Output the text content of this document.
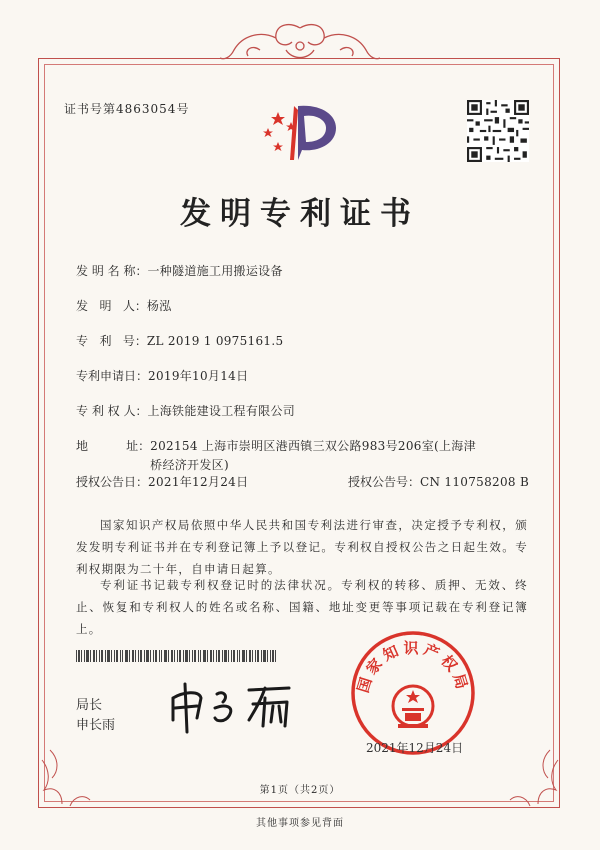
证书号第4863054号
发明专利证书
发 明 名 称： 一种隧道施工用搬运设备
发   明   人： 杨泓
专   利   号： ZL 2019 1 0975161.5
专利申请日： 2019年10月14日
专 利 权 人： 上海铁能建设工程有限公司
地          址： 202154 上海市崇明区港西镇三双公路983号206室(上海津桥经济开发区)
授权公告日： 2021年12月24日	授权公告号： CN 110758208 B
国家知识产权局依照中华人民共和国专利法进行审查，决定授予专利权，颁发发明专利证书并在专利登记簿上予以登记。专利权自授权公告之日起生效。专利权期限为二十年，自申请日起算。
专利证书记载专利权登记时的法律状况。专利权的转移、质押、无效、终止、恢复和专利权人的姓名或名称、国籍、地址变更等事项记载在专利登记簿上。
局长
申长雨
国家知识产权局
2021年12月24日
第1页（共2页）
其他事项参见背面
